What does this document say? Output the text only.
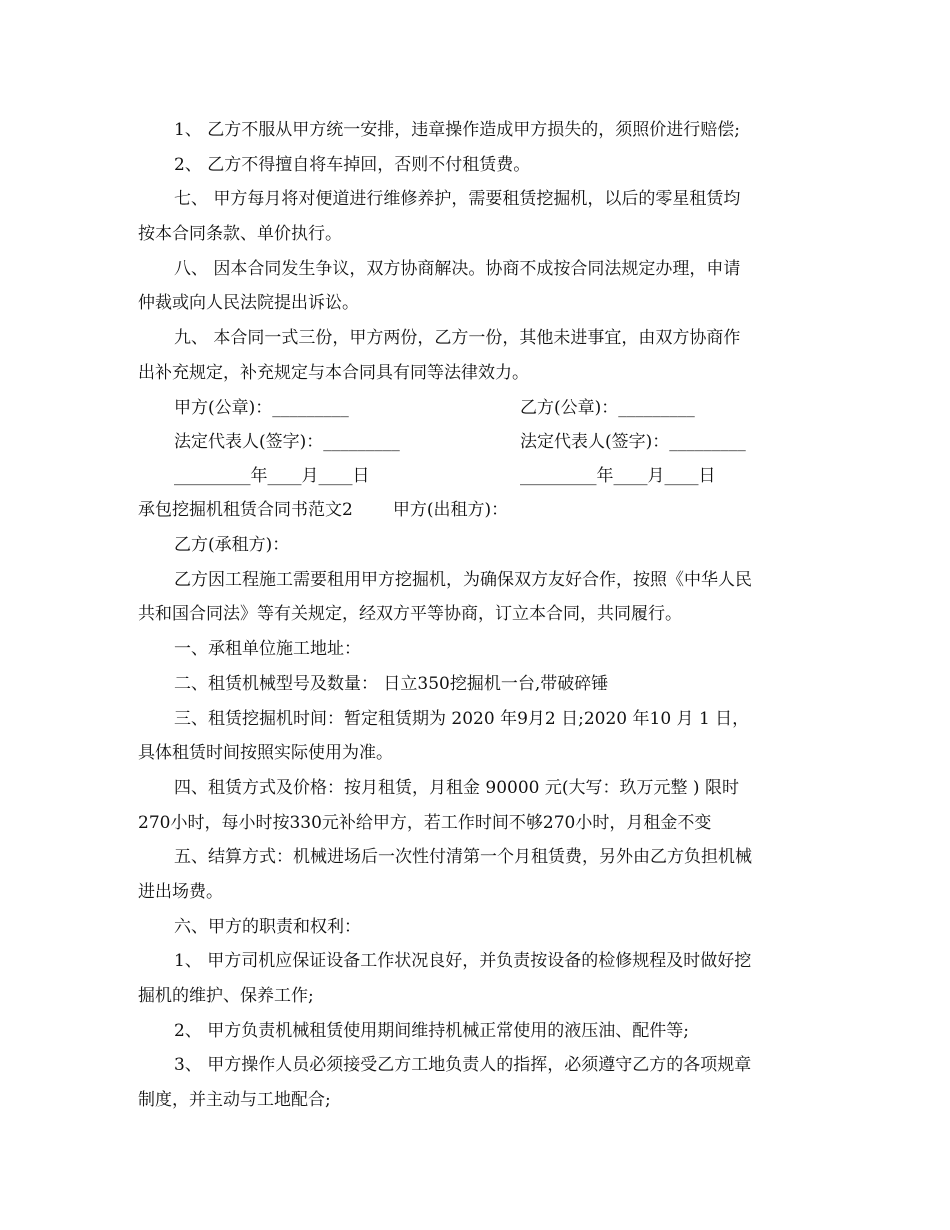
1、 乙方不服从甲方统一安排，违章操作造成甲方损失的，须照价进行赔偿;
2、 乙方不得擅自将车掉回，否则不付租赁费。
七、 甲方每月将对便道进行维修养护，需要租赁挖掘机，以后的零星租赁均
按本合同条款、单价执行。
八、 因本合同发生争议，双方协商解决。协商不成按合同法规定办理，申请
仲裁或向人民法院提出诉讼。
九、 本合同一式三份，甲方两份，乙方一份，其他未进事宜，由双方协商作
出补充规定，补充规定与本合同具有同等法律效力。
甲方(公章)：_________	乙方(公章)：_________
法定代表人(签字)：_________	法定代表人(签字)：_________
_________年____月____日	_________年____月____日
承包挖掘机租赁合同书范文2 甲方(出租方)：
乙方(承租方)：
乙方因工程施工需要租用甲方挖掘机，为确保双方友好合作，按照《中华人民
共和国合同法》等有关规定，经双方平等协商，订立本合同，共同履行。
一、承租单位施工地址：
二、租赁机械型号及数量： 日立350挖掘机一台,带破碎锤
三、租赁挖掘机时间：暂定租赁期为 2020 年9月2 日;2020 年10 月 1 日，
具体租赁时间按照实际使用为准。
四、租赁方式及价格：按月租赁，月租金 90000 元(大写：玖万元整 ) 限时
270小时，每小时按330元补给甲方，若工作时间不够270小时，月租金不变
五、结算方式：机械进场后一次性付清第一个月租赁费，另外由乙方负担机械
进出场费。
六、甲方的职责和权利：
1、 甲方司机应保证设备工作状况良好，并负责按设备的检修规程及时做好挖
掘机的维护、保养工作;
2、 甲方负责机械租赁使用期间维持机械正常使用的液压油、配件等;
3、 甲方操作人员必须接受乙方工地负责人的指挥，必须遵守乙方的各项规章
制度，并主动与工地配合;
